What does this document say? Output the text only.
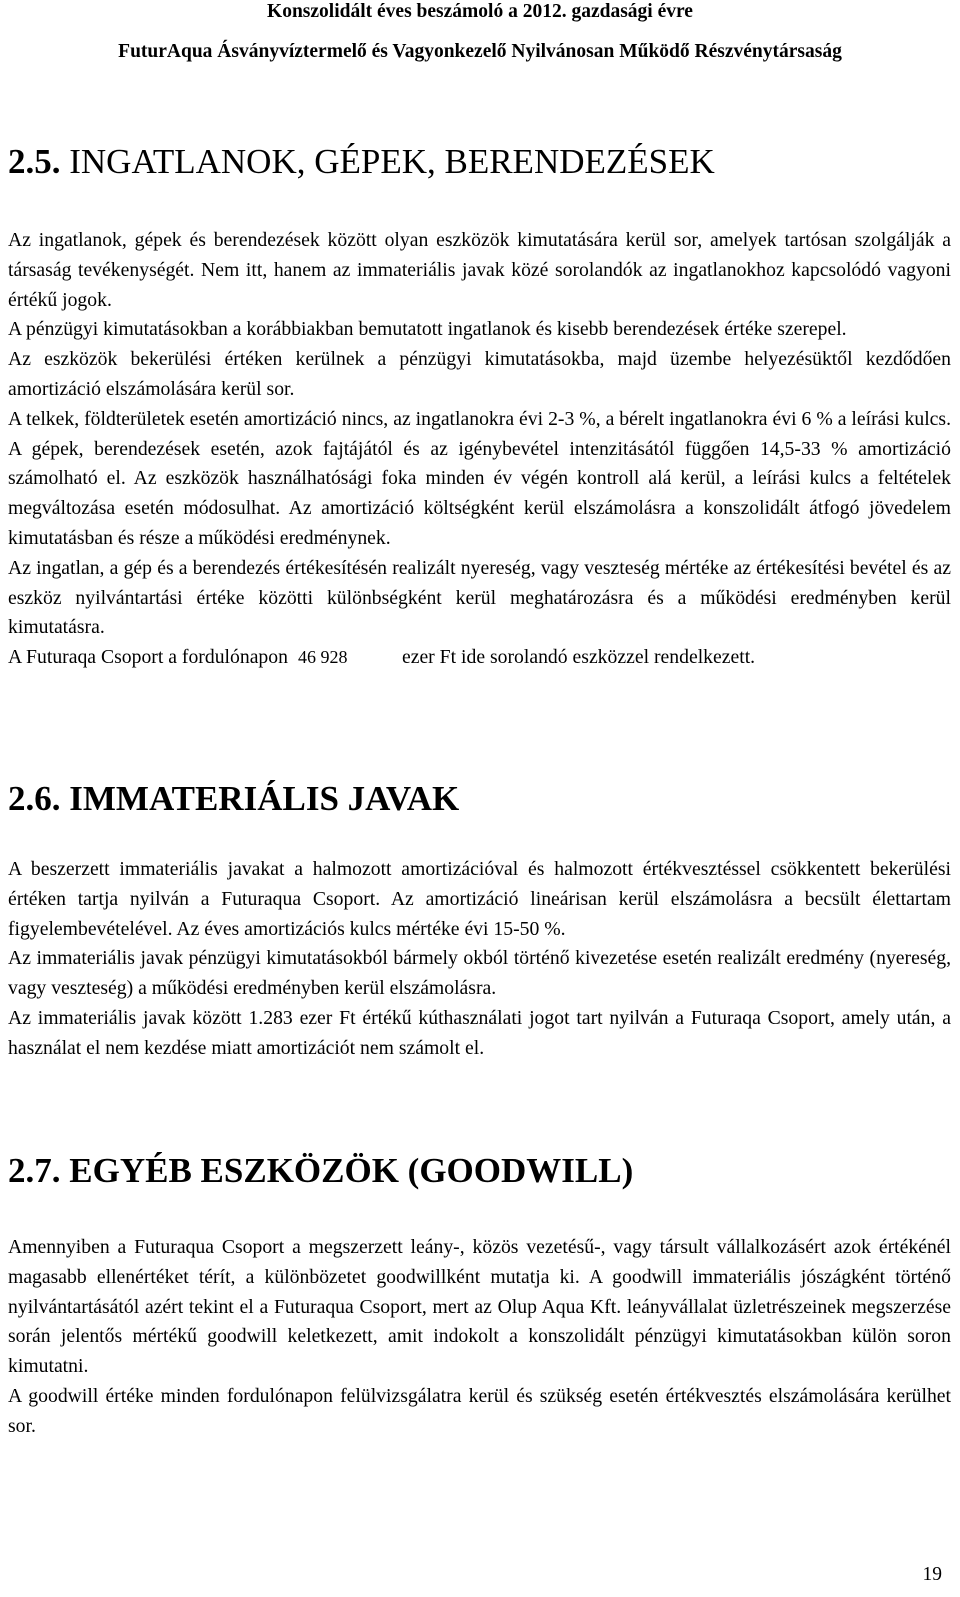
Konszolidált éves beszámoló a 2012. gazdasági évre
FuturAqua Ásványvíztermelő és Vagyonkezelő Nyilvánosan Működő Részvénytársaság
2.5. INGATLANOK, GÉPEK, BERENDEZÉSEK

Az ingatlanok, gépek és berendezések között olyan eszközök kimutatására kerül sor, amelyek tartósan szolgálják a társaság tevékenységét. Nem itt, hanem az immateriális javak közé sorolandók az ingatlanokhoz kapcsolódó vagyoni értékű jogok.

A pénzügyi kimutatásokban a korábbiakban bemutatott ingatlanok és kisebb berendezések értéke szerepel.

Az eszközök bekerülési értéken kerülnek a pénzügyi kimutatásokba, majd üzembe helyezésüktől kezdődően amortizáció elszámolására kerül sor.

A telkek, földterületek esetén amortizáció nincs, az ingatlanokra évi 2-3 %, a bérelt ingatlanokra évi 6 % a leírási kulcs. A gépek, berendezések esetén, azok fajtájától és az igénybevétel intenzitásától függően 14,5-33 % amortizáció számolható el. Az eszközök használhatósági foka minden év végén kontroll alá kerül, a leírási kulcs a feltételek megváltozása esetén módosulhat. Az amortizáció költségként kerül elszámolásra a konszolidált átfogó jövedelem kimutatásban és része a működési eredménynek.

Az ingatlan, a gép és a berendezés értékesítésén realizált nyereség, vagy veszteség mértéke az értékesítési bevétel és az eszköz nyilvántartási értéke közötti különbségként kerül meghatározásra és a működési eredményben kerül kimutatásra.

A Futuraqa Csoport a fordulónapon 46 928	ezer Ft ide sorolandó eszközzel rendelkezett.

2.6. IMMATERIÁLIS JAVAK

A beszerzett immateriális javakat a halmozott amortizációval és halmozott értékvesztéssel csökkentett bekerülési értéken tartja nyilván a Futuraqua Csoport. Az amortizáció lineárisan kerül elszámolásra a becsült élettartam figyelembevételével. Az éves amortizációs kulcs mértéke évi 15-50 %.

Az immateriális javak pénzügyi kimutatásokból bármely okból történő kivezetése esetén realizált eredmény (nyereség, vagy veszteség) a működési eredményben kerül elszámolásra.

Az immateriális javak között 1.283 ezer Ft értékű kúthasználati jogot tart nyilván a Futuraqa Csoport, amely után, a használat el nem kezdése miatt amortizációt nem számolt el.

2.7. EGYÉB ESZKÖZÖK (GOODWILL)

Amennyiben a Futuraqua Csoport a megszerzett leány-, közös vezetésű-, vagy társult vállalkozásért azok értékénél magasabb ellenértéket térít, a különbözetet goodwillként mutatja ki. A goodwill immateriális jószágként történő nyilvántartásától azért tekint el a Futuraqua Csoport, mert az Olup Aqua Kft. leányvállalat üzletrészeinek megszerzése során jelentős mértékű goodwill keletkezett, amit indokolt a konszolidált pénzügyi kimutatásokban külön soron kimutatni.

A goodwill értéke minden fordulónapon felülvizsgálatra kerül és szükség esetén értékvesztés elszámolására kerülhet sor.

19
